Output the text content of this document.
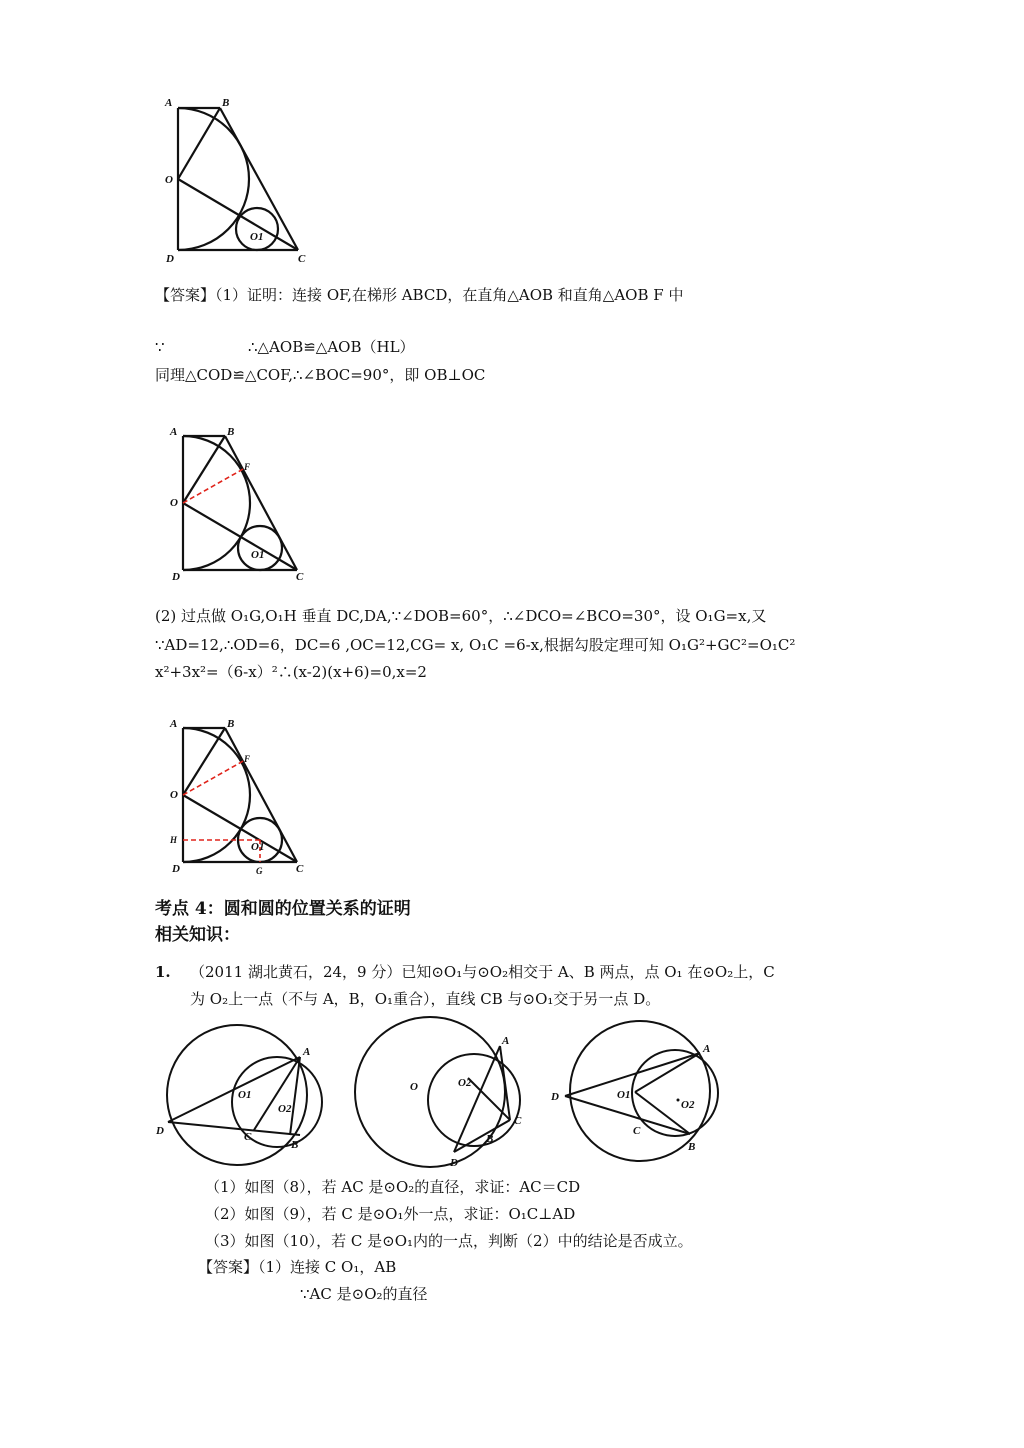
A	B
O
D	C
O1
【答案】（1）证明：连接 OF,在梯形 ABCD，在直角△AOB 和直角△AOB F 中
∵	∴△AOB≌△AOB（HL）
同理△COD≌△COF,∴∠BOC=90°，即 OB⊥OC
A	B
F
O
D	C
O1
(2) 过点做 O₁G,O₁H 垂直 DC,DA,∵∠DOB=60°，∴∠DCO=∠BCO=30°，设 O₁G=x,又
∵AD=12,∴OD=6，DC=6 ,OC=12,CG= x, O₁C =6-x,根据勾股定理可知 O₁G²+GC²=O₁C²
x²+3x²=（6-x）²∴(x-2)(x+6)=0,x=2
A	B
F
O
H
D	G	C
O1
考点 4：圆和圆的位置关系的证明
相关知识：
1. （2011 湖北黄石，24，9 分）已知⊙O₁与⊙O₂相交于 A、B 两点，点 O₁ 在⊙O₂上，C
为 O₂上一点（不与 A，B，O₁重合），直线 CB 与⊙O₁交于另一点 D。
D
A
C
B
O1
O2
O
A
O2
C
B
D
D
A
O1
O2
C
B
（1）如图（8），若 AC 是⊙O₂的直径，求证：AC＝CD
（2）如图（9），若 C 是⊙O₁外一点，求证：O₁C⊥AD
（3）如图（10），若 C 是⊙O₁内的一点，判断（2）中的结论是否成立。
【答案】（1）连接 C O₁，AB
∵AC 是⊙O₂的直径
